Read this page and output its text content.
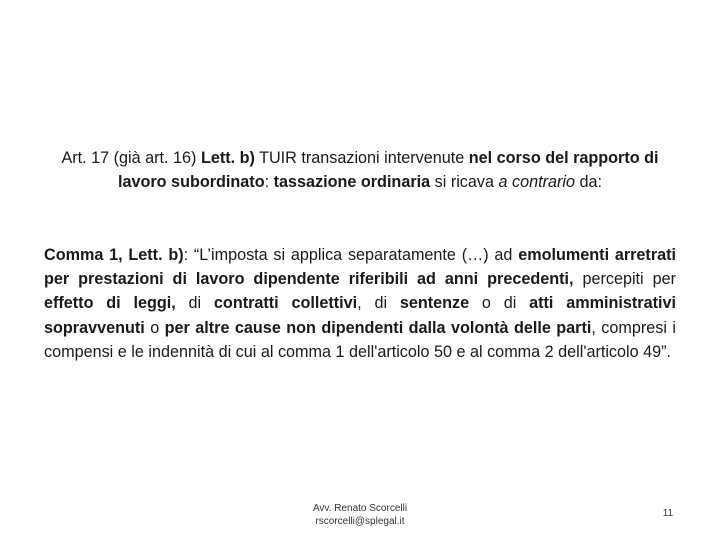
Art. 17 (già art. 16) Lett. b) TUIR transazioni intervenute nel corso del rapporto di lavoro subordinato: tassazione ordinaria si ricava a contrario da:
Comma 1, Lett. b): “L’imposta si applica separatamente (…) ad emolumenti arretrati per prestazioni di lavoro dipendente riferibili ad anni precedenti, percepiti per effetto di leggi, di contratti collettivi, di sentenze o di atti amministrativi sopravvenuti o per altre cause non dipendenti dalla volontà delle parti, compresi i compensi e le indennità di cui al comma 1 dell'articolo 50 e al comma 2 dell'articolo 49”.
Avv. Renato Scorcelli
rscorcelli@splegal.it
11
